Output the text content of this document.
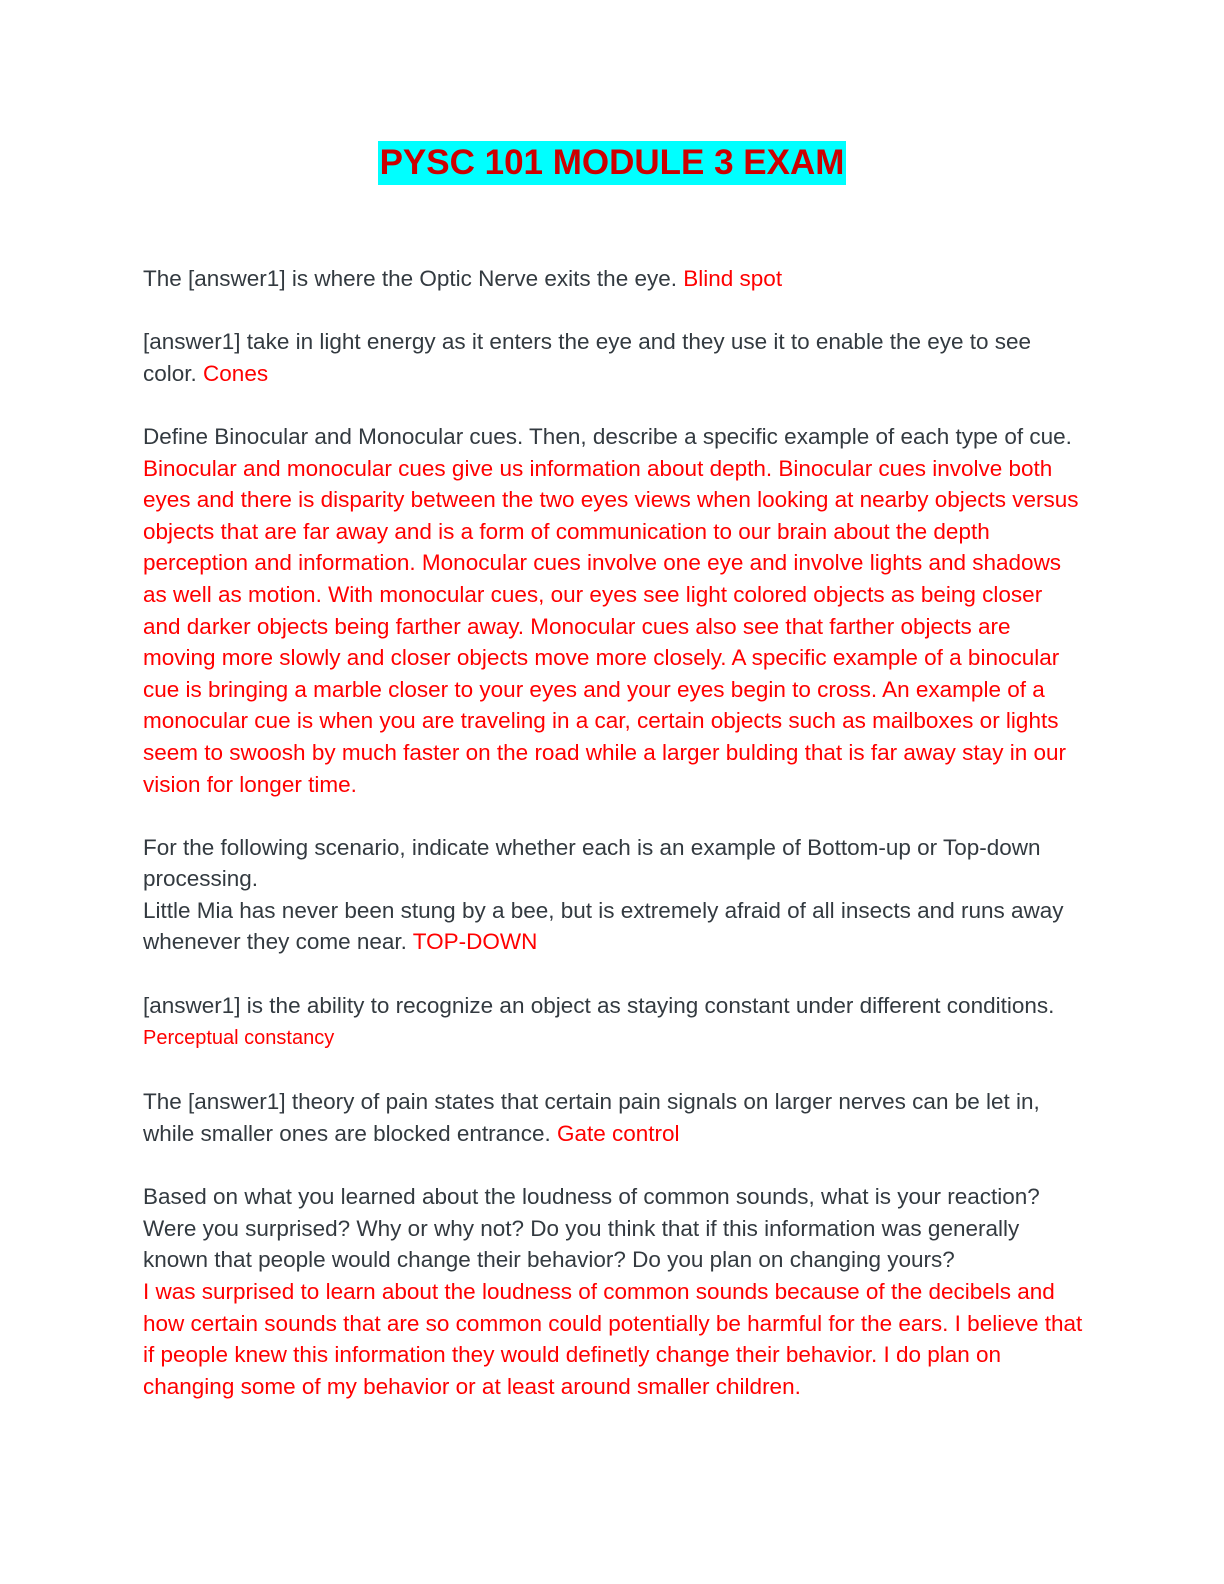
PYSC 101 MODULE 3 EXAM
The [answer1] is where the Optic Nerve exits the eye. Blind spot
[answer1] take in light energy as it enters the eye and they use it to enable the eye to see color. Cones
Define Binocular and Monocular cues. Then, describe a specific example of each type of cue.
Binocular and monocular cues give us information about depth. Binocular cues involve both eyes and there is disparity between the two eyes views when looking at nearby objects versus objects that are far away and is a form of communication to our brain about the depth perception and information. Monocular cues involve one eye and involve lights and shadows as well as motion. With monocular cues, our eyes see light colored objects as being closer and darker objects being farther away. Monocular cues also see that farther objects are moving more slowly and closer objects move more closely. A specific example of a binocular cue is bringing a marble closer to your eyes and your eyes begin to cross. An example of a monocular cue is when you are traveling in a car, certain objects such as mailboxes or lights seem to swoosh by much faster on the road while a larger bulding that is far away stay in our vision for longer time.
For the following scenario, indicate whether each is an example of Bottom-up or Top-down processing.
Little Mia has never been stung by a bee, but is extremely afraid of all insects and runs away whenever they come near. TOP-DOWN
[answer1] is the ability to recognize an object as staying constant under different conditions. Perceptual constancy
The [answer1] theory of pain states that certain pain signals on larger nerves can be let in, while smaller ones are blocked entrance. Gate control
Based on what you learned about the loudness of common sounds, what is your reaction? Were you surprised? Why or why not? Do you think that if this information was generally known that people would change their behavior? Do you plan on changing yours?
I was surprised to learn about the loudness of common sounds because of the decibels and how certain sounds that are so common could potentially be harmful for the ears. I believe that if people knew this information they would definetly change their behavior. I do plan on changing some of my behavior or at least around smaller children.
